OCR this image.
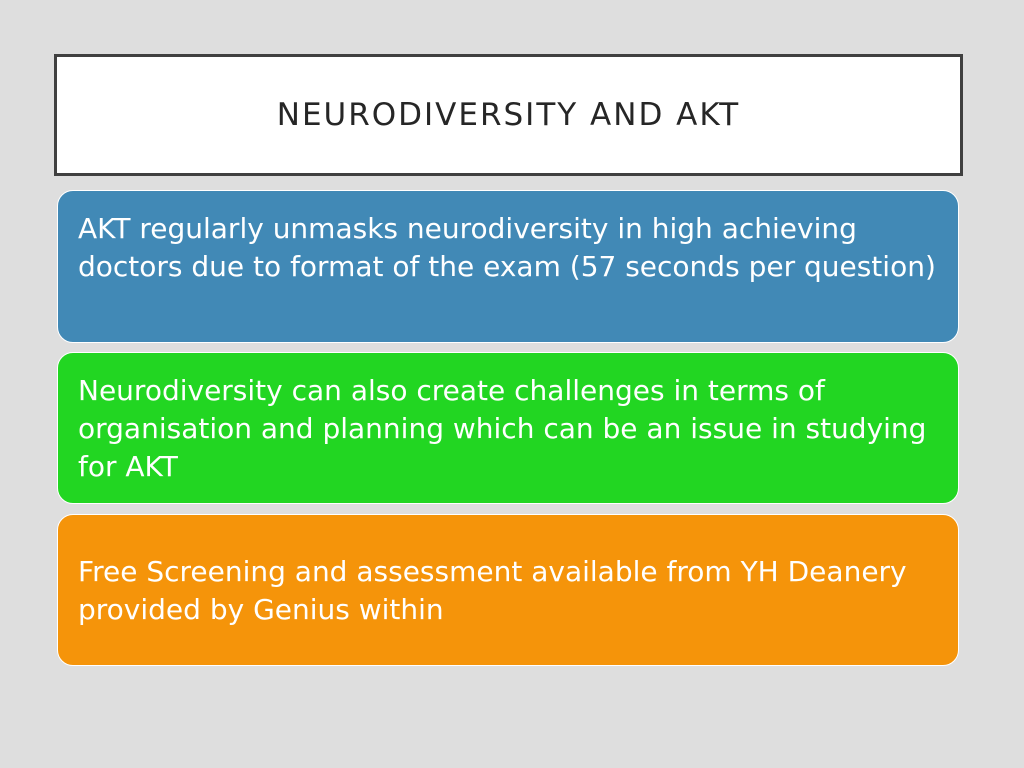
NEURODIVERSITY AND AKT

AKT regularly unmasks neurodiversity in high achieving doctors due to format of the exam (57 seconds per question)

Neurodiversity can also create challenges in terms of organisation and planning which can be an issue in studying for AKT

Free Screening and assessment available from YH Deanery provided by Genius within
